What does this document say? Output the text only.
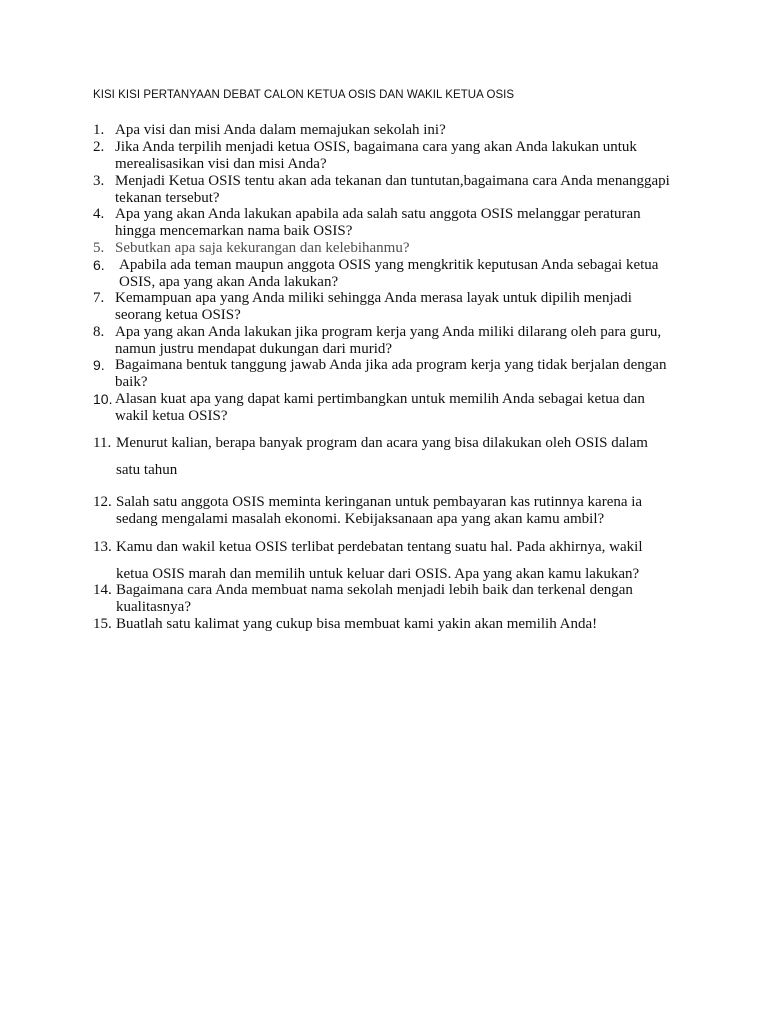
KISI KISI PERTANYAAN DEBAT CALON KETUA OSIS DAN WAKIL KETUA OSIS
1. Apa visi dan misi Anda dalam memajukan sekolah ini?
2. Jika Anda terpilih menjadi ketua OSIS, bagaimana cara yang akan Anda lakukan untuk merealisasikan visi dan misi Anda?
3. Menjadi Ketua OSIS tentu akan ada tekanan dan tuntutan,bagaimana cara Anda menanggapi tekanan tersebut?
4. Apa yang akan Anda lakukan apabila ada salah satu anggota OSIS melanggar peraturan hingga mencemarkan nama baik OSIS?
5. Sebutkan apa saja kekurangan dan kelebihanmu?
6. Apabila ada teman maupun anggota OSIS yang mengkritik keputusan Anda sebagai ketua OSIS, apa yang akan Anda lakukan?
7. Kemampuan apa yang Anda miliki sehingga Anda merasa layak untuk dipilih menjadi seorang ketua OSIS?
8. Apa yang akan Anda lakukan jika program kerja yang Anda miliki dilarang oleh para guru, namun justru mendapat dukungan dari murid?
9. Bagaimana bentuk tanggung jawab Anda jika ada program kerja yang tidak berjalan dengan baik?
10. Alasan kuat apa yang dapat kami pertimbangkan untuk memilih Anda sebagai ketua dan wakil ketua OSIS?
11. Menurut kalian, berapa banyak program dan acara yang bisa dilakukan oleh OSIS dalam
satu tahun
12. Salah satu anggota OSIS meminta keringanan untuk pembayaran kas rutinnya karena ia sedang mengalami masalah ekonomi. Kebijaksanaan apa yang akan kamu ambil?
13. Kamu dan wakil ketua OSIS terlibat perdebatan tentang suatu hal. Pada akhirnya, wakil
ketua OSIS marah dan memilih untuk keluar dari OSIS. Apa yang akan kamu lakukan?
14. Bagaimana cara Anda membuat nama sekolah menjadi lebih baik dan terkenal dengan kualitasnya?
15. Buatlah satu kalimat yang cukup bisa membuat kami yakin akan memilih Anda!
